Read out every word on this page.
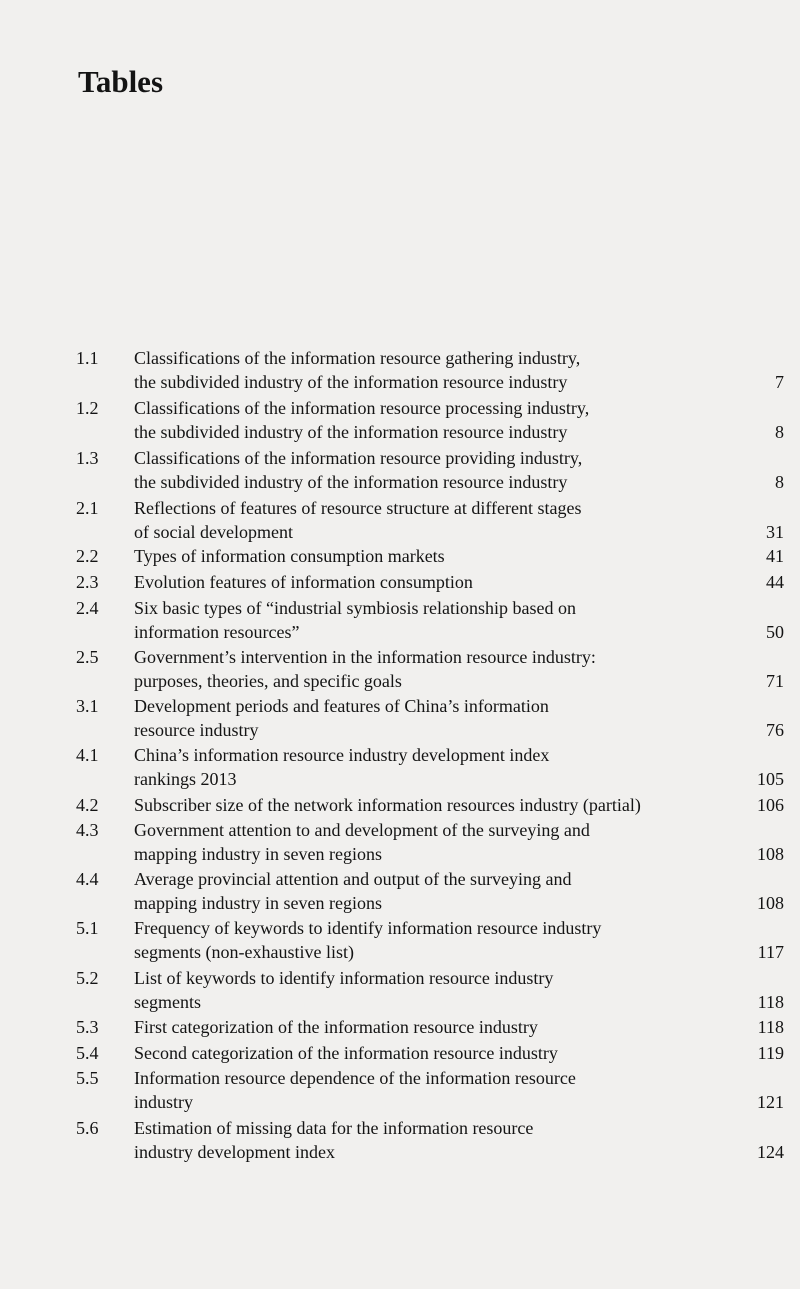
Tables
1.1 Classifications of the information resource gathering industry,
the subdivided industry of the information resource industry	7
1.2 Classifications of the information resource processing industry,
the subdivided industry of the information resource industry	8
1.3 Classifications of the information resource providing industry,
the subdivided industry of the information resource industry	8
2.1 Reflections of features of resource structure at different stages
of social development	31
2.2 Types of information consumption markets	41
2.3 Evolution features of information consumption	44
2.4 Six basic types of “industrial symbiosis relationship based on
information resources”	50
2.5 Government’s intervention in the information resource industry:
purposes, theories, and specific goals	71
3.1 Development periods and features of China’s information
resource industry	76
4.1 China’s information resource industry development index
rankings 2013	105
4.2 Subscriber size of the network information resources industry (partial)	106
4.3 Government attention to and development of the surveying and
mapping industry in seven regions	108
4.4 Average provincial attention and output of the surveying and
mapping industry in seven regions	108
5.1 Frequency of keywords to identify information resource industry
segments (non-exhaustive list)	117
5.2 List of keywords to identify information resource industry
segments	118
5.3 First categorization of the information resource industry	118
5.4 Second categorization of the information resource industry	119
5.5 Information resource dependence of the information resource
industry	121
5.6 Estimation of missing data for the information resource
industry development index	124
